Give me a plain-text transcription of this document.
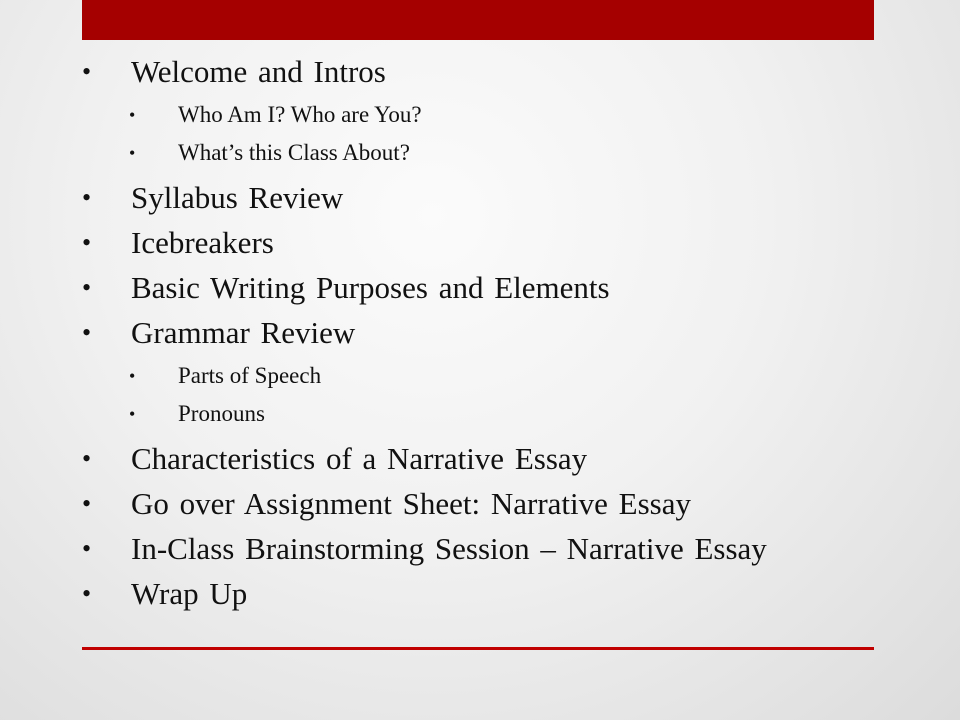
• Welcome and Intros
• Who Am I? Who are You?
• What’s this Class About?
• Syllabus Review
• Icebreakers
• Basic Writing Purposes and Elements
• Grammar Review
• Parts of Speech
• Pronouns
• Characteristics of a Narrative Essay
• Go over Assignment Sheet: Narrative Essay
• In-Class Brainstorming Session – Narrative Essay
• Wrap Up
